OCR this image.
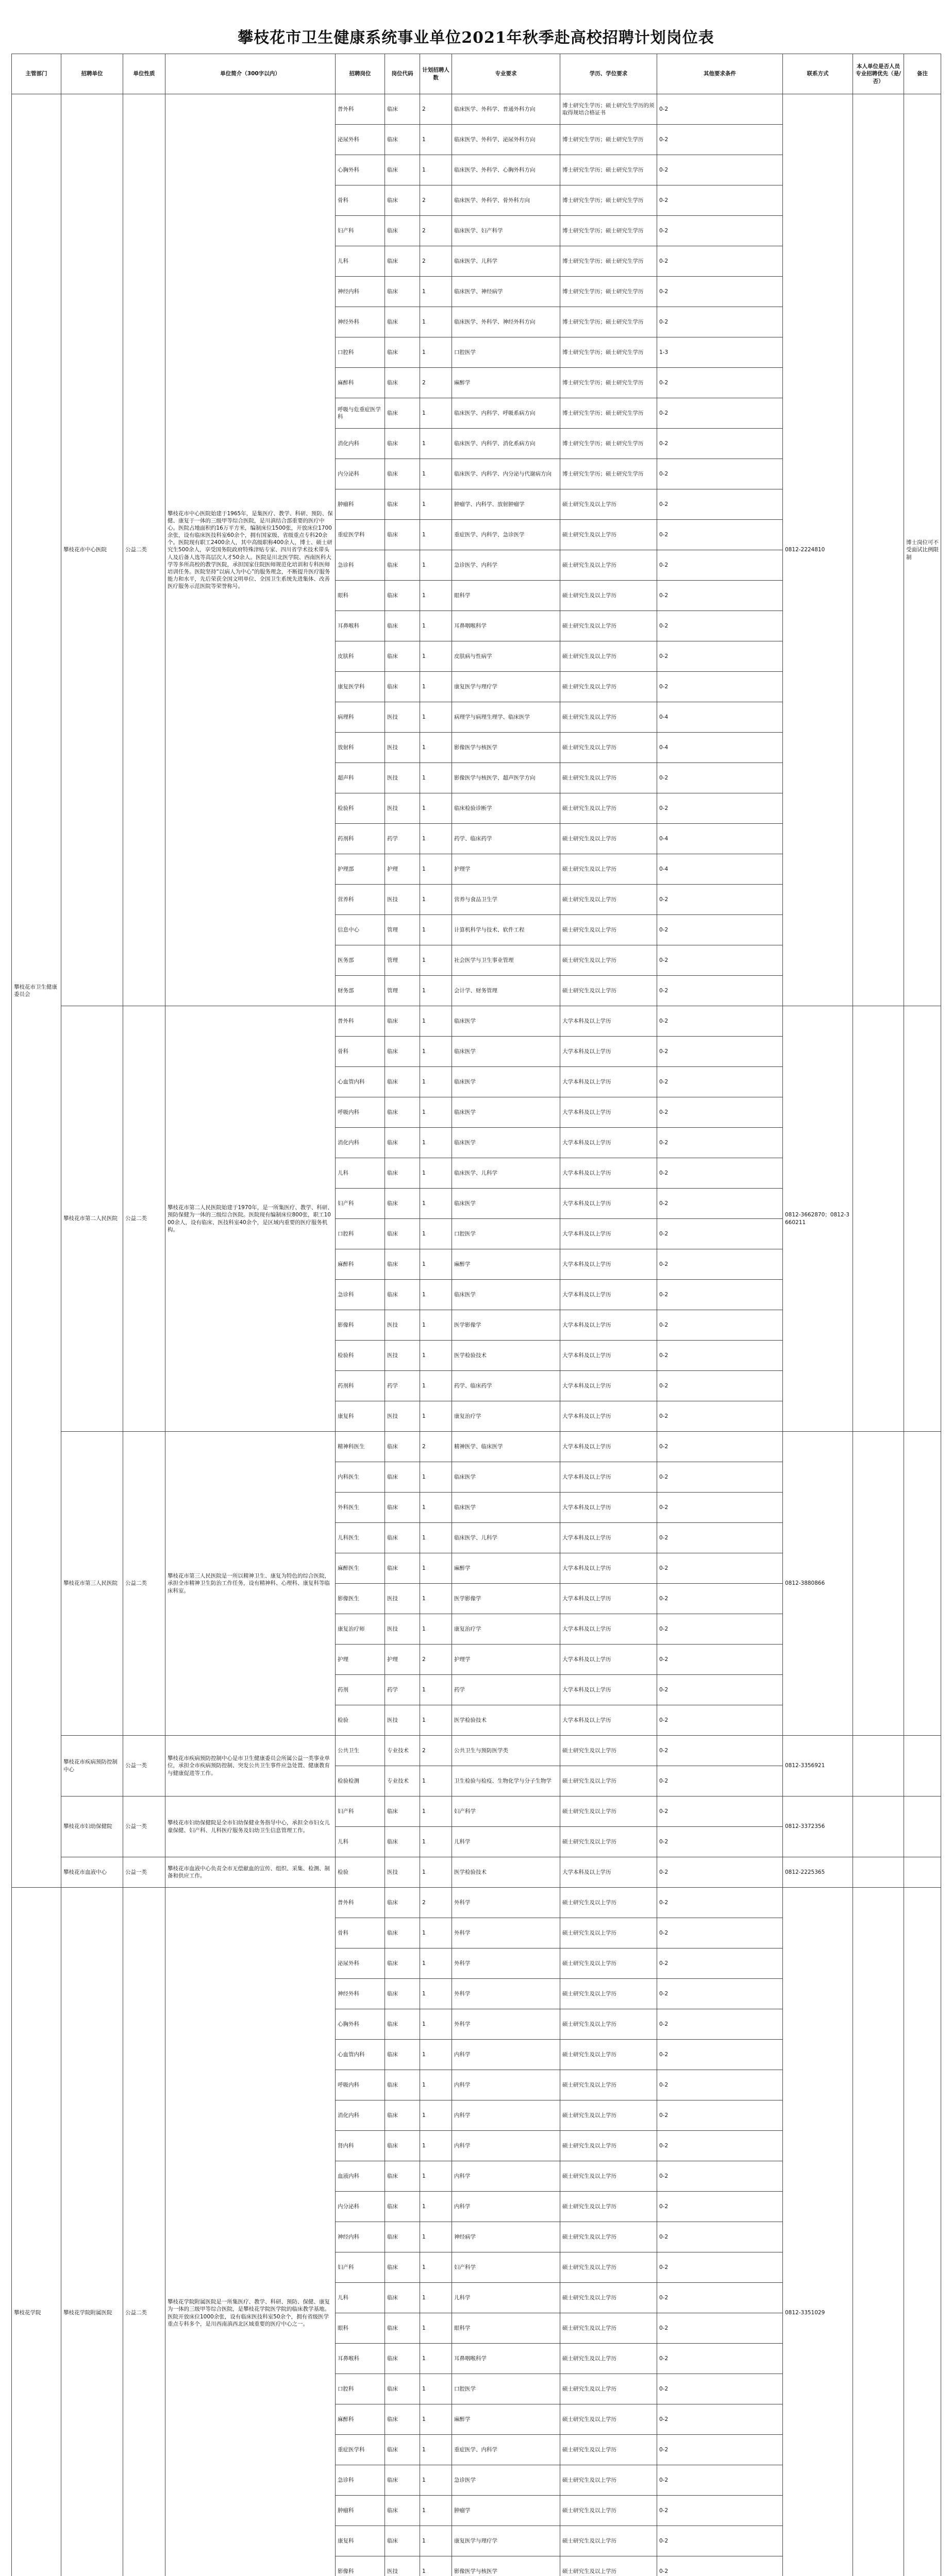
攀枝花市卫生健康系统事业单位2021年秋季赴高校招聘计划岗位表
主管部门	招聘单位	单位性质	单位简介（300字以内）	招聘岗位	岗位代码	计划招聘人数	专业要求	学历、学位要求	其他要求条件	联系方式	本人单位是否人员专业招聘优先（是/否）	备注
攀枝花市卫生健康委员会	攀枝花市中心医院	公益二类	攀枝花市中心医院始建于1965年，是集医疗、教学、科研、预防、保健、康复于一体的三级甲等综合医院，是川滇结合部重要的医疗中心。医院占地面积约16万平方米，编制床位1500张，开放床位1700余张，设有临床医技科室60余个，拥有国家级、省级重点专科20余个。医院现有职工2400余人，其中高级职称400余人，博士、硕士研究生500余人，享受国务院政府特殊津贴专家、四川省学术技术带头人及后备人选等高层次人才50余人。医院是川北医学院、西南医科大学等多所高校的教学医院，承担国家住院医师规范化培训和专科医师培训任务。医院坚持“以病人为中心”的服务理念，不断提升医疗服务能力和水平，先后荣获全国文明单位、全国卫生系统先进集体、改善医疗服务示范医院等荣誉称号。	普外科	临床	2	临床医学、外科学、普通外科方向	博士研究生学历；硕士研究生学历的须取得规培合格证书	0-2	0812-2224810		博士岗位可不受面试比例限制
				泌尿外科	临床	1	临床医学、外科学、泌尿外科方向	博士研究生学历；硕士研究生学历	0-2			
				心胸外科	临床	1	临床医学、外科学、心胸外科方向	博士研究生学历；硕士研究生学历	0-2			
				骨科	临床	2	临床医学、外科学、骨外科方向	博士研究生学历；硕士研究生学历	0-2			
				妇产科	临床	2	临床医学、妇产科学	博士研究生学历；硕士研究生学历	0-2			
				儿科	临床	2	临床医学、儿科学	博士研究生学历；硕士研究生学历	0-2			
				神经内科	临床	1	临床医学、神经病学	博士研究生学历；硕士研究生学历	0-2			
				神经外科	临床	1	临床医学、外科学、神经外科方向	博士研究生学历；硕士研究生学历	0-2			
				口腔科	临床	1	口腔医学	博士研究生学历；硕士研究生学历	1-3			
				麻醉科	临床	2	麻醉学	博士研究生学历；硕士研究生学历	0-2			
				呼吸与危重症医学科	临床	1	临床医学、内科学、呼吸系病方向	博士研究生学历；硕士研究生学历	0-2			
				消化内科	临床	1	临床医学、内科学、消化系病方向	博士研究生学历；硕士研究生学历	0-2			
				内分泌科	临床	1	临床医学、内科学、内分泌与代谢病方向	博士研究生学历；硕士研究生学历	0-2			
				肿瘤科	临床	1	肿瘤学、内科学、放射肿瘤学	硕士研究生及以上学历	0-2			
				重症医学科	临床	1	重症医学、内科学、急诊医学	硕士研究生及以上学历	0-2			
				急诊科	临床	1	急诊医学、内科学	硕士研究生及以上学历	0-2			
				眼科	临床	1	眼科学	硕士研究生及以上学历	0-2			
				耳鼻喉科	临床	1	耳鼻咽喉科学	硕士研究生及以上学历	0-2			
				皮肤科	临床	1	皮肤病与性病学	硕士研究生及以上学历	0-2			
				康复医学科	临床	1	康复医学与理疗学	硕士研究生及以上学历	0-2			
				病理科	医技	1	病理学与病理生理学、临床医学	硕士研究生及以上学历	0-4			
				放射科	医技	1	影像医学与核医学	硕士研究生及以上学历	0-4			
				超声科	医技	1	影像医学与核医学、超声医学方向	硕士研究生及以上学历	0-2			
				检验科	医技	1	临床检验诊断学	硕士研究生及以上学历	0-2			
				药剂科	药学	1	药学、临床药学	硕士研究生及以上学历	0-4			
				护理部	护理	1	护理学	硕士研究生及以上学历	0-4			
				营养科	医技	1	营养与食品卫生学	硕士研究生及以上学历	0-2			
				信息中心	管理	1	计算机科学与技术、软件工程	硕士研究生及以上学历	0-2			
				医务部	管理	1	社会医学与卫生事业管理	硕士研究生及以上学历	0-2			
				财务部	管理	1	会计学、财务管理	硕士研究生及以上学历	0-2			
	攀枝花市第二人民医院	公益二类	攀枝花市第二人民医院始建于1970年，是一所集医疗、教学、科研、预防保健为一体的三级综合医院。医院现有编制床位800张，职工1000余人，设有临床、医技科室40余个，是区域内重要的医疗服务机构。	普外科	临床	1	临床医学	大学本科及以上学历	0-2	0812-3662870；0812-3660211		
				骨科	临床	1	临床医学	大学本科及以上学历	0-2			
				心血管内科	临床	1	临床医学	大学本科及以上学历	0-2			
				呼吸内科	临床	1	临床医学	大学本科及以上学历	0-2			
				消化内科	临床	1	临床医学	大学本科及以上学历	0-2			
				儿科	临床	1	临床医学、儿科学	大学本科及以上学历	0-2			
				妇产科	临床	1	临床医学	大学本科及以上学历	0-2			
				口腔科	临床	1	口腔医学	大学本科及以上学历	0-2			
				麻醉科	临床	1	麻醉学	大学本科及以上学历	0-2			
				急诊科	临床	1	临床医学	大学本科及以上学历	0-2			
				影像科	医技	1	医学影像学	大学本科及以上学历	0-2			
				检验科	医技	1	医学检验技术	大学本科及以上学历	0-2			
				药剂科	药学	1	药学、临床药学	大学本科及以上学历	0-2			
				康复科	医技	1	康复治疗学	大学本科及以上学历	0-2			
	攀枝花市第三人民医院	公益二类	攀枝花市第三人民医院是一所以精神卫生、康复为特色的综合医院，承担全市精神卫生防治工作任务，设有精神科、心理科、康复科等临床科室。	精神科医生	临床	2	精神医学、临床医学	大学本科及以上学历	0-2	0812-3880866		
				内科医生	临床	1	临床医学	大学本科及以上学历	0-2			
				外科医生	临床	1	临床医学	大学本科及以上学历	0-2			
				儿科医生	临床	1	临床医学、儿科学	大学本科及以上学历	0-2			
				麻醉医生	临床	1	麻醉学	大学本科及以上学历	0-2			
				影像医生	医技	1	医学影像学	大学本科及以上学历	0-2			
				康复治疗师	医技	1	康复治疗学	大学本科及以上学历	0-2			
				护理	护理	2	护理学	大学本科及以上学历	0-2			
				药剂	药学	1	药学	大学本科及以上学历	0-2			
				检验	医技	1	医学检验技术	大学本科及以上学历	0-2			
	攀枝花市疾病预防控制中心	公益一类	攀枝花市疾病预防控制中心是市卫生健康委员会所属公益一类事业单位，承担全市疾病预防控制、突发公共卫生事件应急处置、健康教育与健康促进等工作。	公共卫生	专业技术	2	公共卫生与预防医学类	硕士研究生及以上学历	0-2	0812-3356921		
				检验检测	专业技术	1	卫生检验与检疫、生物化学与分子生物学	硕士研究生及以上学历	0-2			
	攀枝花市妇幼保健院	公益一类	攀枝花市妇幼保健院是全市妇幼保健业务指导中心，承担全市妇女儿童保健、妇产科、儿科医疗服务及妇幼卫生信息管理工作。	妇产科	临床	1	妇产科学	硕士研究生及以上学历	0-2	0812-3372356		
				儿科	临床	1	儿科学	硕士研究生及以上学历	0-2			
	攀枝花市血液中心	公益一类	攀枝花市血液中心负责全市无偿献血的宣传、组织、采集、检测、制备和供应工作。	检验	医技	1	医学检验技术	大学本科及以上学历	0-2	0812-2225365		
攀枝花学院	攀枝花学院附属医院	公益二类	攀枝花学院附属医院是一所集医疗、教学、科研、预防、保健、康复为一体的三级甲等综合医院，是攀枝花学院医学院的临床教学基地。医院开放床位1000余张，设有临床医技科室50余个，拥有省级医学重点专科多个，是川西南滇西北区域重要的医疗中心之一。	普外科	临床	2	外科学	硕士研究生及以上学历	0-2	0812-3351029		
				骨科	临床	1	外科学	硕士研究生及以上学历	0-2			
				泌尿外科	临床	1	外科学	硕士研究生及以上学历	0-2			
				神经外科	临床	1	外科学	硕士研究生及以上学历	0-2			
				心胸外科	临床	1	外科学	硕士研究生及以上学历	0-2			
				心血管内科	临床	1	内科学	硕士研究生及以上学历	0-2			
				呼吸内科	临床	1	内科学	硕士研究生及以上学历	0-2			
				消化内科	临床	1	内科学	硕士研究生及以上学历	0-2			
				肾内科	临床	1	内科学	硕士研究生及以上学历	0-2			
				血液内科	临床	1	内科学	硕士研究生及以上学历	0-2			
				内分泌科	临床	1	内科学	硕士研究生及以上学历	0-2			
				神经内科	临床	1	神经病学	硕士研究生及以上学历	0-2			
				妇产科	临床	1	妇产科学	硕士研究生及以上学历	0-2			
				儿科	临床	1	儿科学	硕士研究生及以上学历	0-2			
				眼科	临床	1	眼科学	硕士研究生及以上学历	0-2			
				耳鼻喉科	临床	1	耳鼻咽喉科学	硕士研究生及以上学历	0-2			
				口腔科	临床	1	口腔医学	硕士研究生及以上学历	0-2			
				麻醉科	临床	1	麻醉学	硕士研究生及以上学历	0-2			
				重症医学科	临床	1	重症医学、内科学	硕士研究生及以上学历	0-2			
				急诊科	临床	1	急诊医学	硕士研究生及以上学历	0-2			
				肿瘤科	临床	1	肿瘤学	硕士研究生及以上学历	0-2			
				康复科	临床	1	康复医学与理疗学	硕士研究生及以上学历	0-2			
				影像科	医技	1	影像医学与核医学	硕士研究生及以上学历	0-2			
